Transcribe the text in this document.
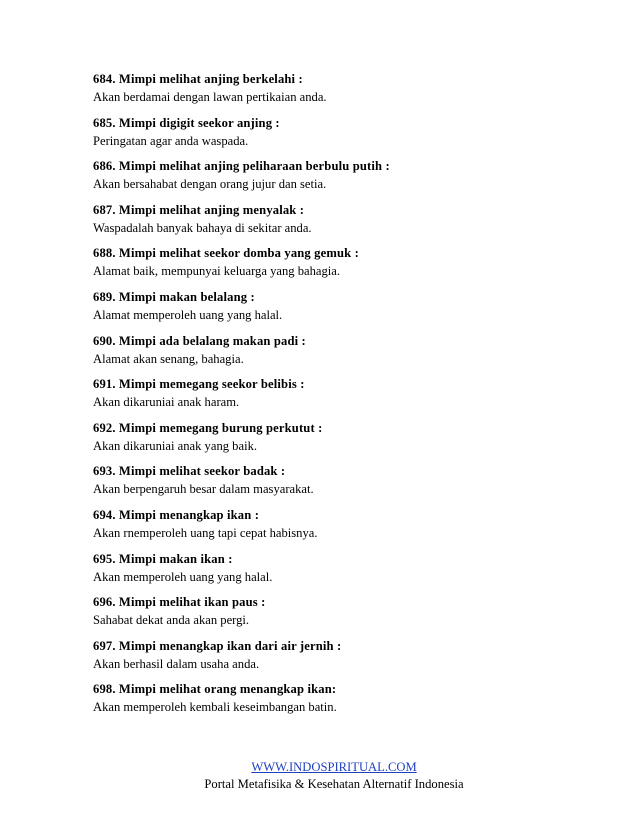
684. Mimpi melihat anjing berkelahi :
Akan berdamai dengan lawan pertikaian anda.
685. Mimpi digigit seekor anjing :
Peringatan agar anda waspada.
686. Mimpi melihat anjing peliharaan berbulu putih :
Akan bersahabat dengan orang jujur dan setia.
687. Mimpi melihat anjing menyalak :
Waspadalah banyak bahaya di sekitar anda.
688. Mimpi melihat seekor domba yang gemuk :
Alamat baik, mempunyai keluarga yang bahagia.
689. Mimpi makan belalang :
Alamat memperoleh uang yang halal.
690. Mimpi ada belalang makan padi :
Alamat akan senang, bahagia.
691. Mimpi memegang seekor belibis :
Akan dikaruniai anak haram.
692. Mimpi memegang burung perkutut :
Akan dikaruniai anak yang baik.
693. Mimpi melihat seekor badak :
Akan berpengaruh besar dalam masyarakat.
694. Mimpi menangkap ikan :
Akan rnemperoleh uang tapi cepat habisnya.
695. Mimpi makan ikan :
Akan memperoleh uang yang halal.
696. Mimpi melihat ikan paus :
Sahabat dekat anda akan pergi.
697. Mimpi menangkap ikan dari air jernih :
Akan berhasil dalam usaha anda.
698. Mimpi melihat orang menangkap ikan:
Akan memperoleh kembali keseimbangan batin.
WWW.INDOSPIRITUAL.COM
Portal Metafisika & Kesehatan Alternatif Indonesia
